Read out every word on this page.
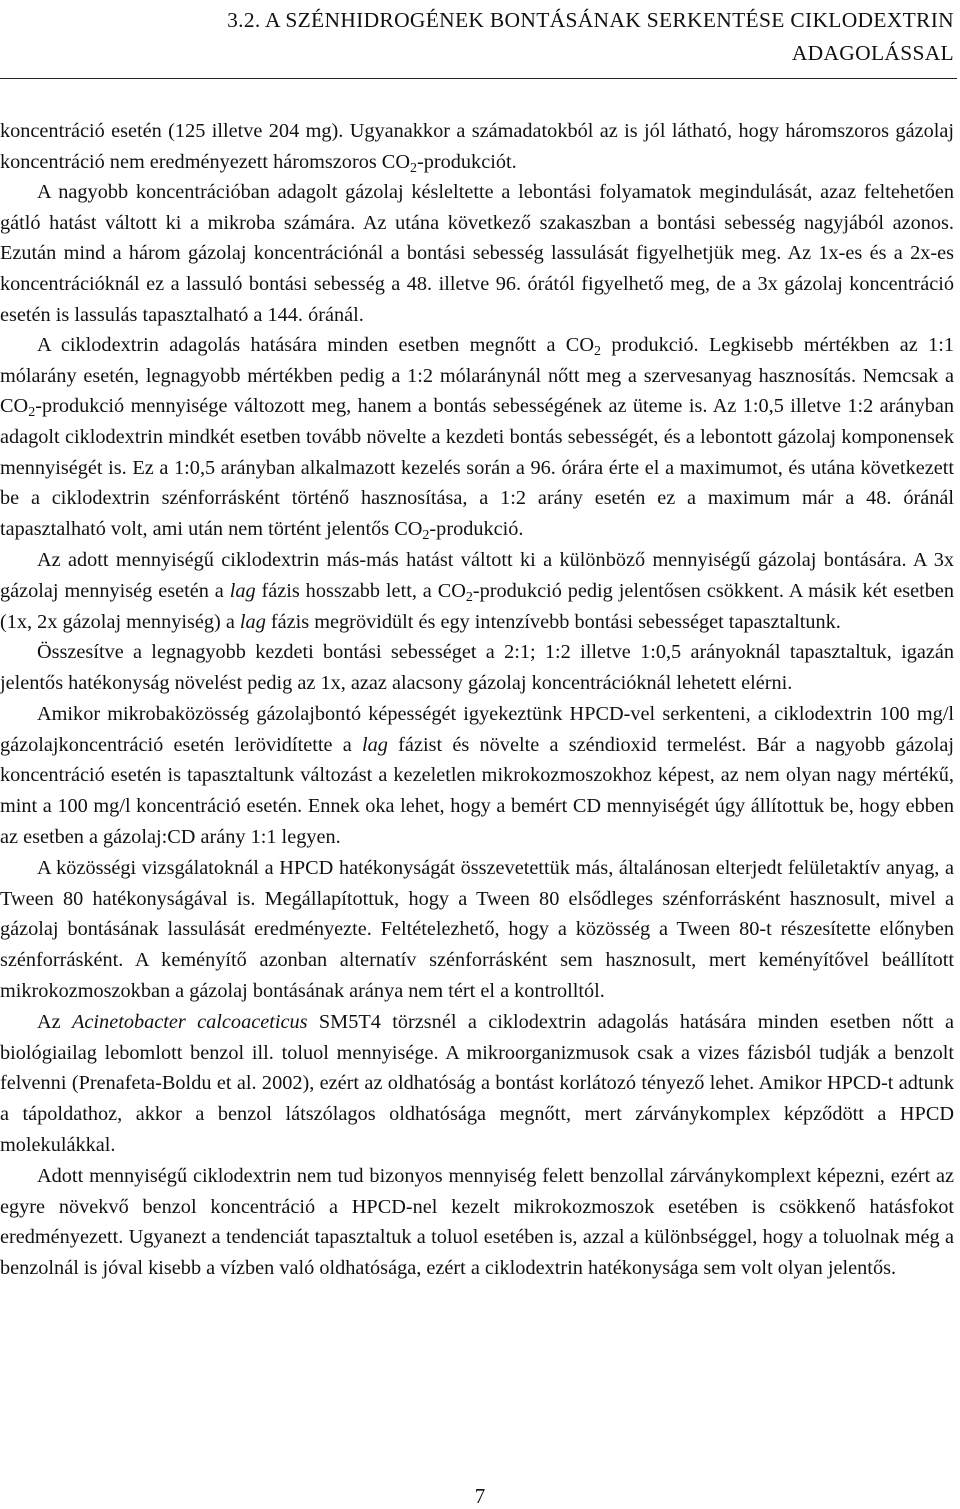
3.2. A SZÉNHIDROGÉNEK BONTÁSÁNAK SERKENTÉSE CIKLODEXTRIN
ADAGOLÁSSAL

koncentráció esetén (125 illetve 204 mg). Ugyanakkor a számadatokból az is jól látható, hogy háromszoros gázolaj koncentráció nem eredményezett háromszoros $CO_2$-produkciót.

A nagyobb koncentrációban adagolt gázolaj késleltette a lebontási folyamatok megindulását, azaz feltehetően gátló hatást váltott ki a mikroba számára. Az utána következő szakaszban a bontási sebesség nagyjából azonos. Ezután mind a három gázolaj koncentrációnál a bontási sebesség lassulását figyelhetjük meg. Az 1x-es és a 2x-es koncentrációknál ez a lassuló bontási sebesség a 48. illetve 96. órától figyelhető meg, de a 3x gázolaj koncentráció esetén is lassulás tapasztalható a 144. óránál.

A ciklodextrin adagolás hatására minden esetben megnőtt a $CO_2$ produkció. Legkisebb mértékben az 1:1 mólarány esetén, legnagyobb mértékben pedig a 1:2 mólaránynál nőtt meg a szervesanyag hasznosítás. Nemcsak a $CO_2$-produkció mennyisége változott meg, hanem a bontás sebességének az üteme is. Az 1:0,5 illetve 1:2 arányban adagolt ciklodextrin mindkét esetben tovább növelte a kezdeti bontás sebességét, és a lebontott gázolaj komponensek mennyiségét is. Ez a 1:0,5 arányban alkalmazott kezelés során a 96. órára érte el a maximumot, és utána következett be a ciklodextrin szénforrásként történő hasznosítása, a 1:2 arány esetén ez a maximum már a 48. óránál tapasztalható volt, ami után nem történt jelentős $CO_2$-produkció.

Az adott mennyiségű ciklodextrin más-más hatást váltott ki a különböző mennyiségű gázolaj bontására. A 3x gázolaj mennyiség esetén a lag fázis hosszabb lett, a $CO_2$-produkció pedig jelentősen csökkent. A másik két esetben (1x, 2x gázolaj mennyiség) a lag fázis megrövidült és egy intenzívebb bontási sebességet tapasztaltunk.

Összesítve a legnagyobb kezdeti bontási sebességet a 2:1; 1:2 illetve 1:0,5 arányoknál tapasztaltuk, igazán jelentős hatékonyság növelést pedig az 1x, azaz alacsony gázolaj koncentrációknál lehetett elérni.

Amikor mikrobaközösség gázolajbontó képességét igyekeztünk HPCD-vel serkenteni, a ciklodextrin 100 mg/l gázolajkoncentráció esetén lerövidítette a lag fázist és növelte a széndioxid termelést. Bár a nagyobb gázolaj koncentráció esetén is tapasztaltunk változást a kezeletlen mikrokozmoszokhoz képest, az nem olyan nagy mértékű, mint a 100 mg/l koncentráció esetén. Ennek oka lehet, hogy a bemért CD mennyiségét úgy állítottuk be, hogy ebben az esetben a gázolaj:CD arány 1:1 legyen.

A közösségi vizsgálatoknál a HPCD hatékonyságát összevetettük más, általánosan elterjedt felületaktív anyag, a Tween 80 hatékonyságával is. Megállapítottuk, hogy a Tween 80 elsődleges szénforrásként hasznosult, mivel a gázolaj bontásának lassulását eredményezte. Feltételezhető, hogy a közösség a Tween 80-t részesítette előnyben szénforrásként. A keményítő azonban alternatív szénforrásként sem hasznosult, mert keményítővel beállított mikrokozmoszokban a gázolaj bontásának aránya nem tért el a kontrolltól.

Az Acinetobacter calcoaceticus SM5T4 törzsnél a ciklodextrin adagolás hatására minden esetben nőtt a biológiailag lebomlott benzol ill. toluol mennyisége. A mikroorganizmusok csak a vizes fázisból tudják a benzolt felvenni (Prenafeta-Boldu et al. 2002), ezért az oldhatóság a bontást korlátozó tényező lehet. Amikor HPCD-t adtunk a tápoldathoz, akkor a benzol látszólagos oldhatósága megnőtt, mert zárványkomplex képződött a HPCD molekulákkal.

Adott mennyiségű ciklodextrin nem tud bizonyos mennyiség felett benzollal zárványkomplext képezni, ezért az egyre növekvő benzol koncentráció a HPCD-nel kezelt mikrokozmoszok esetében is csökkenő hatásfokot eredményezett. Ugyanezt a tendenciát tapasztaltuk a toluol esetében is, azzal a különbséggel, hogy a toluolnak még a benzolnál is jóval kisebb a vízben való oldhatósága, ezért a ciklodextrin hatékonysága sem volt olyan jelentős.

7
